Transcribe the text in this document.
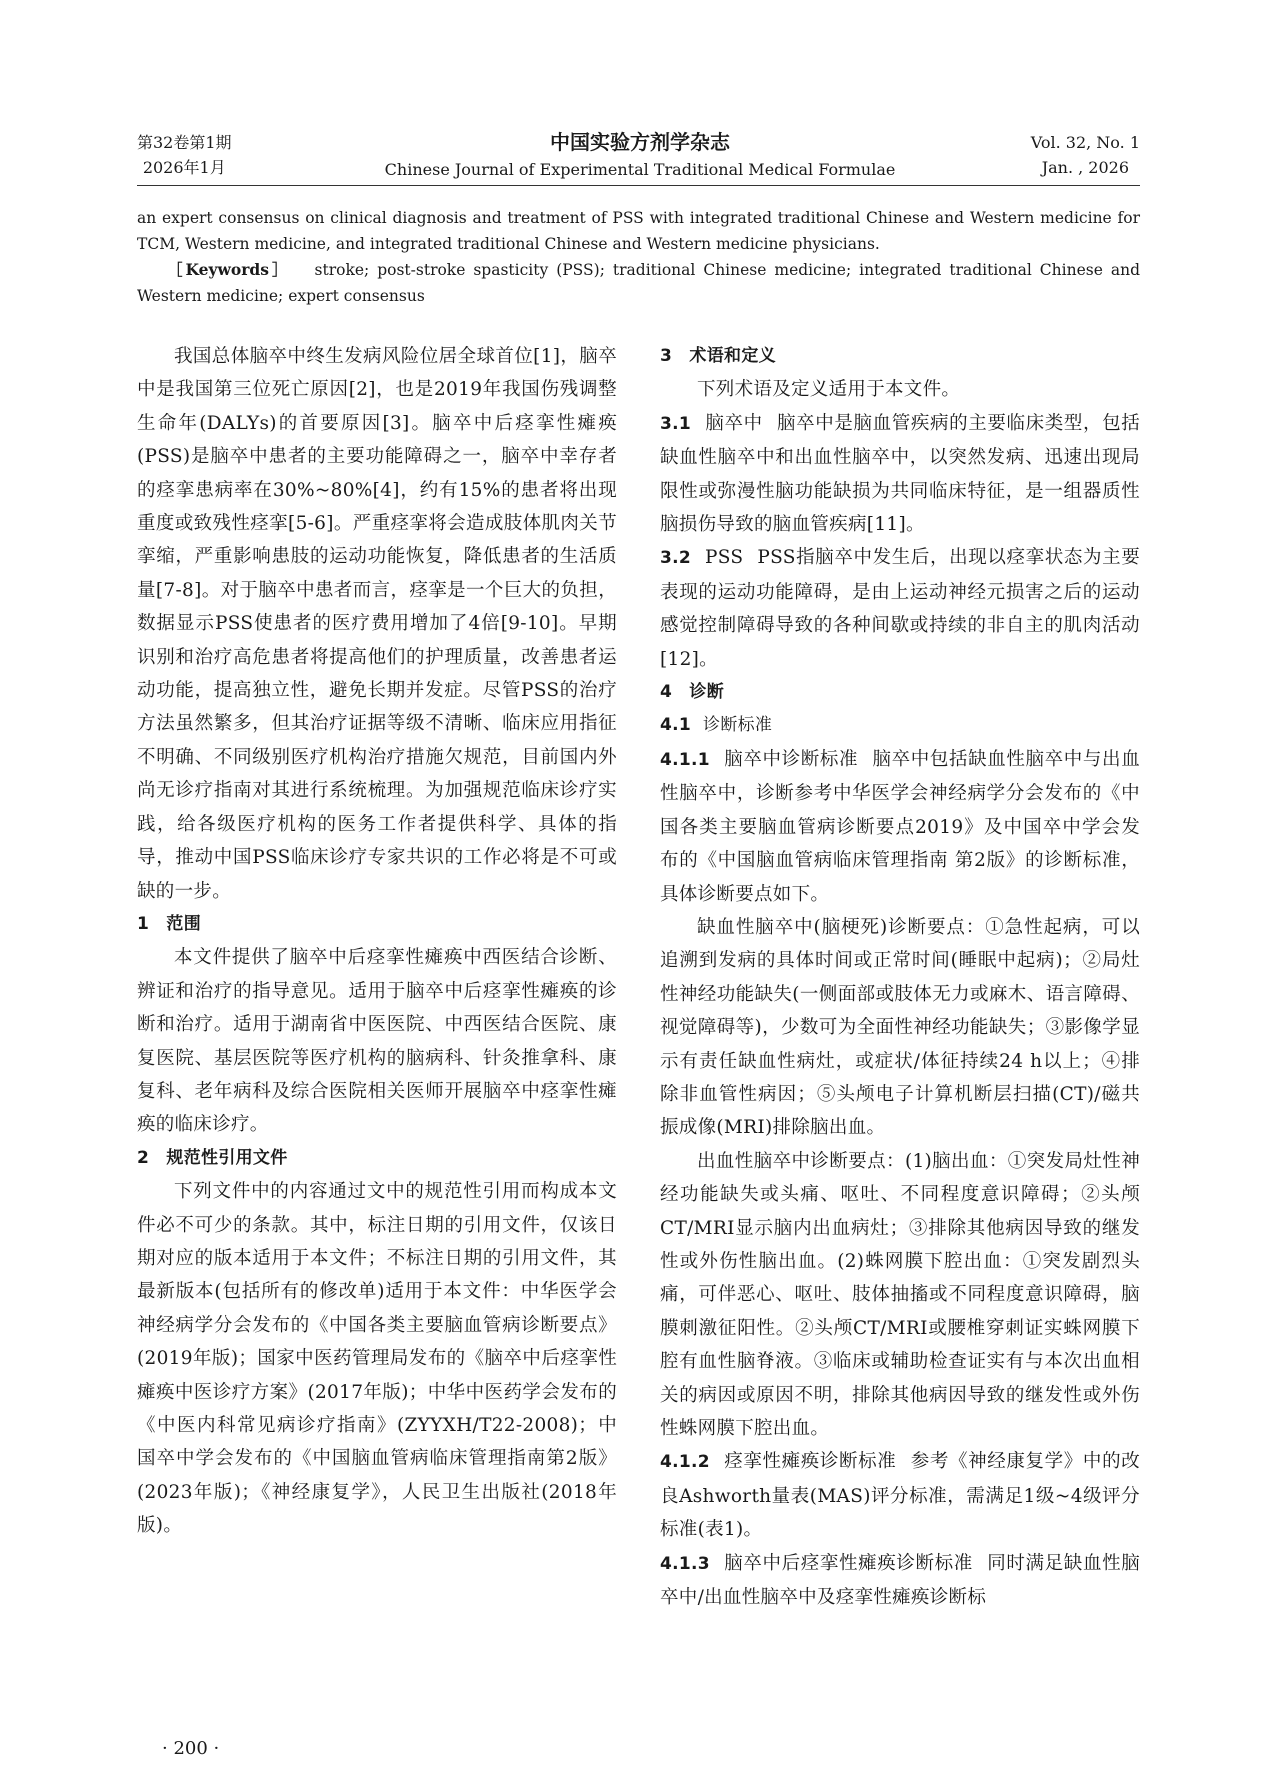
第32卷第1期
2026年1月
中国实验方剂学杂志
Chinese Journal of Experimental Traditional Medical Formulae
Vol. 32, No. 1
Jan. , 2026

an expert consensus on clinical diagnosis and treatment of PSS with integrated traditional Chinese and Western medicine for TCM, Western medicine, and integrated traditional Chinese and Western medicine physicians.

［Keywords］ stroke; post-stroke spasticity (PSS); traditional Chinese medicine; integrated traditional Chinese and Western medicine; expert consensus

我国总体脑卒中终生发病风险位居全球首位[1]，脑卒中是我国第三位死亡原因[2]，也是2019年我国伤残调整生命年(DALYs)的首要原因[3]。脑卒中后痉挛性瘫痪(PSS)是脑卒中患者的主要功能障碍之一，脑卒中幸存者的痉挛患病率在30%~80%[4]，约有15%的患者将出现重度或致残性痉挛[5-6]。严重痉挛将会造成肢体肌肉关节挛缩，严重影响患肢的运动功能恢复，降低患者的生活质量[7-8]。对于脑卒中患者而言，痉挛是一个巨大的负担，数据显示PSS使患者的医疗费用增加了4倍[9-10]。早期识别和治疗高危患者将提高他们的护理质量，改善患者运动功能，提高独立性，避免长期并发症。尽管PSS的治疗方法虽然繁多，但其治疗证据等级不清晰、临床应用指征不明确、不同级别医疗机构治疗措施欠规范，目前国内外尚无诊疗指南对其进行系统梳理。为加强规范临床诊疗实践，给各级医疗机构的医务工作者提供科学、具体的指导，推动中国PSS临床诊疗专家共识的工作必将是不可或缺的一步。

1　范围

本文件提供了脑卒中后痉挛性瘫痪中西医结合诊断、辨证和治疗的指导意见。适用于脑卒中后痉挛性瘫痪的诊断和治疗。适用于湖南省中医医院、中西医结合医院、康复医院、基层医院等医疗机构的脑病科、针灸推拿科、康复科、老年病科及综合医院相关医师开展脑卒中痉挛性瘫痪的临床诊疗。

2　规范性引用文件

下列文件中的内容通过文中的规范性引用而构成本文件必不可少的条款。其中，标注日期的引用文件，仅该日期对应的版本适用于本文件；不标注日期的引用文件，其最新版本(包括所有的修改单)适用于本文件：中华医学会神经病学分会发布的《中国各类主要脑血管病诊断要点》(2019年版)；国家中医药管理局发布的《脑卒中后痉挛性瘫痪中医诊疗方案》(2017年版)；中华中医药学会发布的《中医内科常见病诊疗指南》(ZYYXH/T22-2008)；中国卒中学会发布的《中国脑血管病临床管理指南第2版》(2023年版)；《神经康复学》，人民卫生出版社(2018年版)。

3　术语和定义

下列术语及定义适用于本文件。

3.1 脑卒中 脑卒中是脑血管疾病的主要临床类型，包括缺血性脑卒中和出血性脑卒中，以突然发病、迅速出现局限性或弥漫性脑功能缺损为共同临床特征，是一组器质性脑损伤导致的脑血管疾病[11]。

3.2 PSS PSS指脑卒中发生后，出现以痉挛状态为主要表现的运动功能障碍，是由上运动神经元损害之后的运动感觉控制障碍导致的各种间歇或持续的非自主的肌肉活动[12]。

4　诊断

4.1 诊断标准

4.1.1 脑卒中诊断标准 脑卒中包括缺血性脑卒中与出血性脑卒中，诊断参考中华医学会神经病学分会发布的《中国各类主要脑血管病诊断要点2019》及中国卒中学会发布的《中国脑血管病临床管理指南 第2版》的诊断标准，具体诊断要点如下。

缺血性脑卒中(脑梗死)诊断要点：①急性起病，可以追溯到发病的具体时间或正常时间(睡眠中起病)；②局灶性神经功能缺失(一侧面部或肢体无力或麻木、语言障碍、视觉障碍等)，少数可为全面性神经功能缺失；③影像学显示有责任缺血性病灶，或症状/体征持续24 h以上；④排除非血管性病因；⑤头颅电子计算机断层扫描(CT)/磁共振成像(MRI)排除脑出血。

出血性脑卒中诊断要点：(1)脑出血：①突发局灶性神经功能缺失或头痛、呕吐、不同程度意识障碍；②头颅CT/MRI显示脑内出血病灶；③排除其他病因导致的继发性或外伤性脑出血。(2)蛛网膜下腔出血：①突发剧烈头痛，可伴恶心、呕吐、肢体抽搐或不同程度意识障碍，脑膜刺激征阳性。②头颅CT/MRI或腰椎穿刺证实蛛网膜下腔有血性脑脊液。③临床或辅助检查证实有与本次出血相关的病因或原因不明，排除其他病因导致的继发性或外伤性蛛网膜下腔出血。

4.1.2 痉挛性瘫痪诊断标准 参考《神经康复学》中的改良Ashworth量表(MAS)评分标准，需满足1级~4级评分标准(表1)。

4.1.3 脑卒中后痉挛性瘫痪诊断标准 同时满足缺血性脑卒中/出血性脑卒中及痉挛性瘫痪诊断标

· 200 ·
